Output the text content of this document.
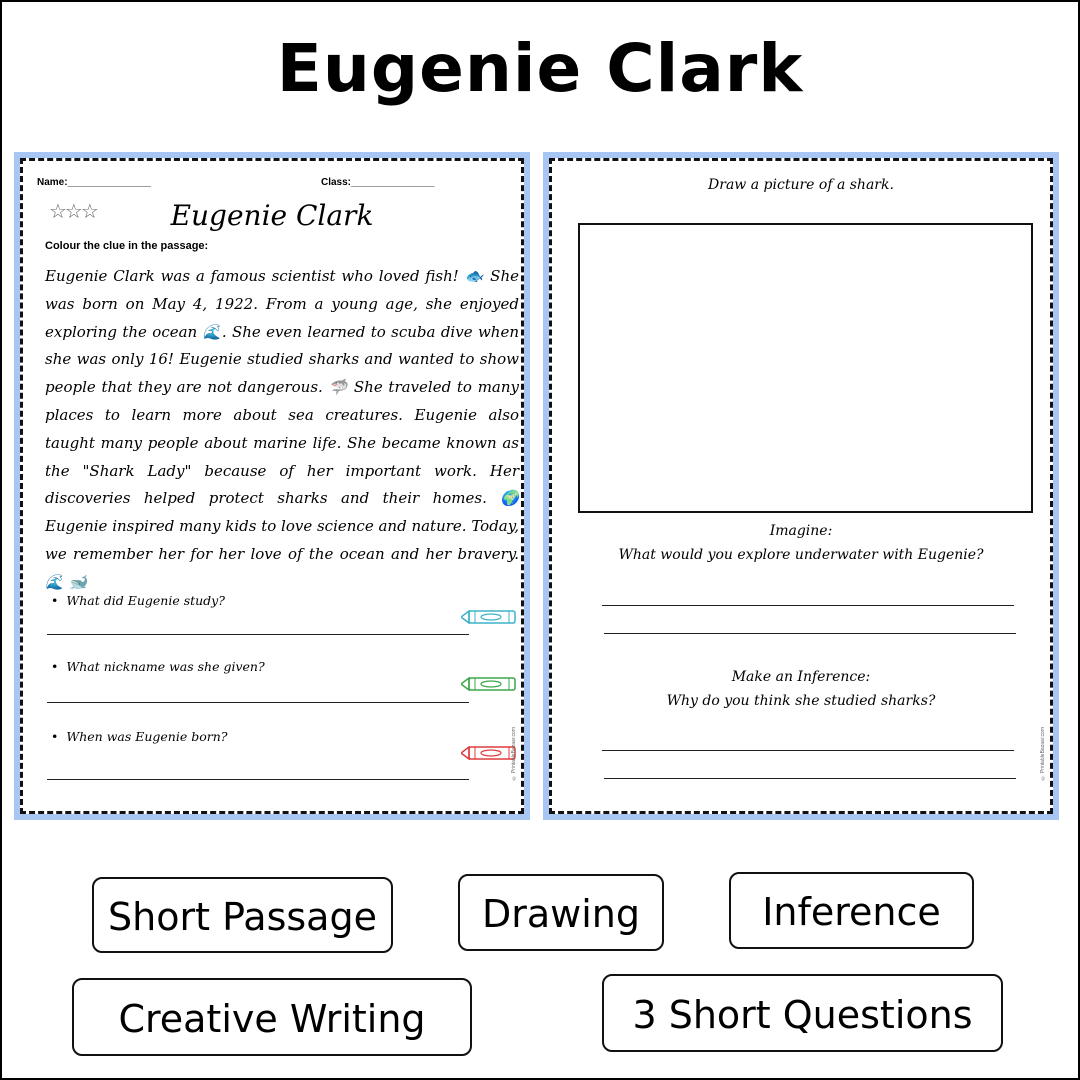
Eugenie Clark
Name:_______________	Class:_______________
☆☆☆	Eugenie Clark
Colour the clue in the passage:
Eugenie Clark was a famous scientist who loved fish! 🐟 She was born on May 4, 1922. From a young age, she enjoyed exploring the ocean 🌊. She even learned to scuba dive when she was only 16! Eugenie studied sharks and wanted to show people that they are not dangerous. 🦈 She traveled to many places to learn more about sea creatures. Eugenie also taught many people about marine life. She became known as the "Shark Lady" because of her important work. Her discoveries helped protect sharks and their homes. 🌍 Eugenie inspired many kids to love science and nature. Today, we remember her for her love of the ocean and her bravery. 🌊 🐋
• What did Eugenie study?
• What nickname was she given?
• When was Eugenie born?	© PrintableBazaar.com
Draw a picture of a shark.
Imagine:
What would you explore underwater with Eugenie?
Make an Inference:
Why do you think she studied sharks?
© PrintableBazaar.com
Short Passage	Drawing	Inference
Creative Writing	3 Short Questions
